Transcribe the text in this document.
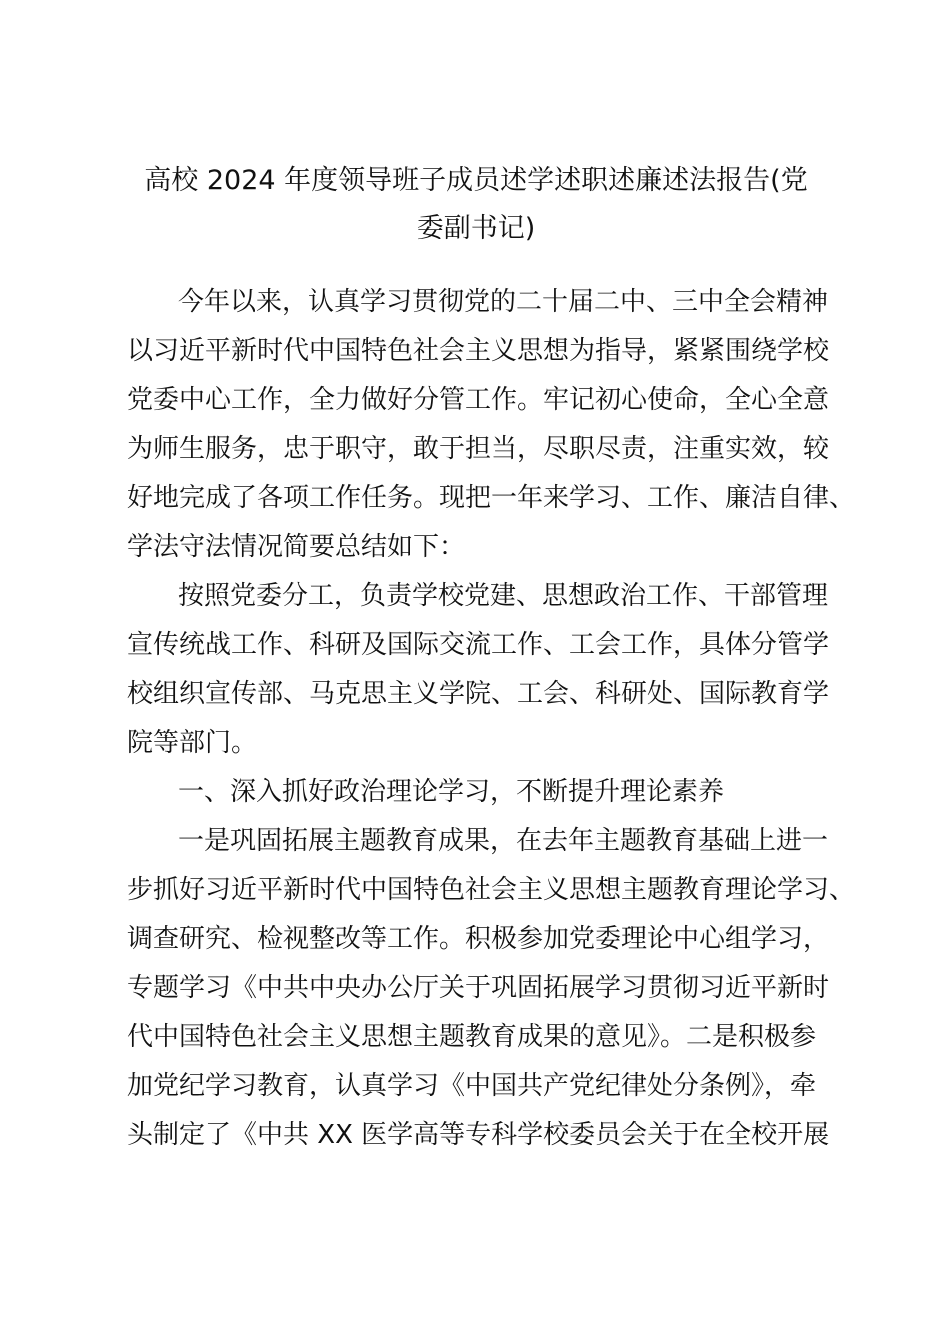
高校 2024 年度领导班子成员述学述职述廉述法报告(党
委副书记)

今年以来，认真学习贯彻党的二十届二中、三中全会精神

以习近平新时代中国特色社会主义思想为指导，紧紧围绕学校

党委中心工作，全力做好分管工作。牢记初心使命，全心全意

为师生服务，忠于职守，敢于担当，尽职尽责，注重实效，较

好地完成了各项工作任务。现把一年来学习、工作、廉洁自律、

学法守法情况简要总结如下：

按照党委分工，负责学校党建、思想政治工作、干部管理

宣传统战工作、科研及国际交流工作、工会工作，具体分管学

校组织宣传部、马克思主义学院、工会、科研处、国际教育学

院等部门。

一、深入抓好政治理论学习，不断提升理论素养

一是巩固拓展主题教育成果，在去年主题教育基础上进一

步抓好习近平新时代中国特色社会主义思想主题教育理论学习、

调查研究、检视整改等工作。积极参加党委理论中心组学习，

专题学习《中共中央办公厅关于巩固拓展学习贯彻习近平新时

代中国特色社会主义思想主题教育成果的意见》。二是积极参

加党纪学习教育，认真学习《中国共产党纪律处分条例》，牵

头制定了《中共 XX 医学高等专科学校委员会关于在全校开展
